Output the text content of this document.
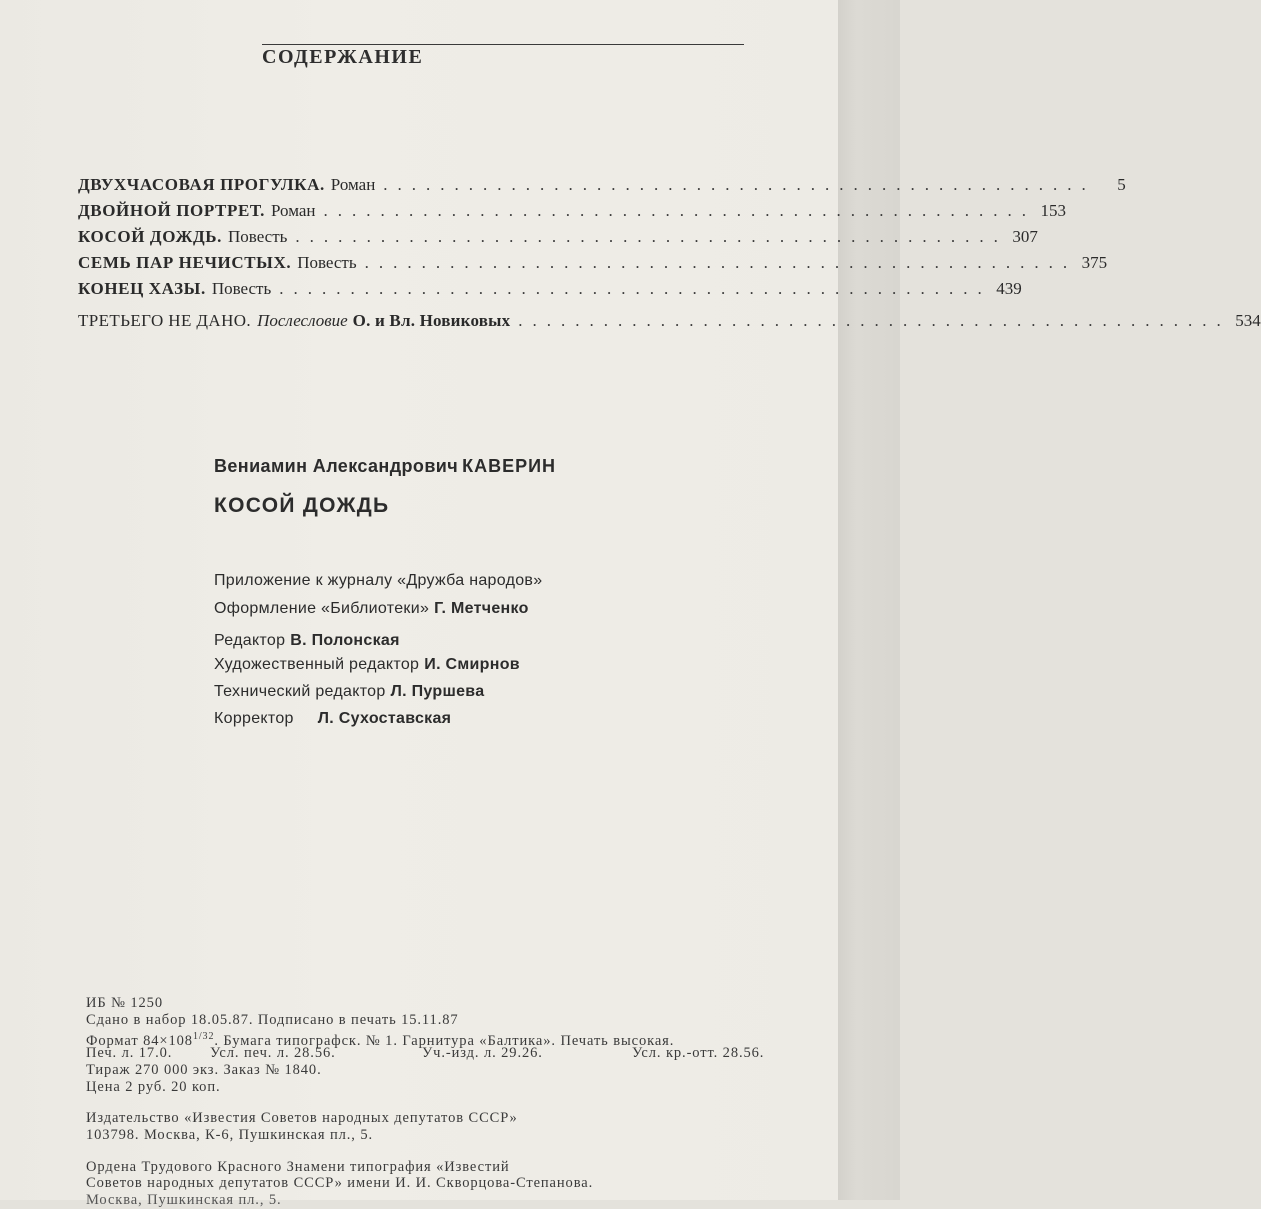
СОДЕРЖАНИЕ
ДВУХЧАСОВАЯ ПРОГУЛКА. Роман ..................................................	5
ДВОЙНОЙ ПОРТРЕТ. Роман .................................................. 153
КОСОЙ ДОЖДЬ. Повесть .................................................. 307
СЕМЬ ПАР НЕЧИСТЫХ. Повесть .................................................. 375
КОНЕЦ ХАЗЫ. Повесть .................................................. 439
ТРЕТЬЕГО НЕ ДАНО. Послесловие О. и Вл. Новиковых .................................................. 534
Вениамин Александрович КАВЕРИН
КОСОЙ ДОЖДЬ
Приложение к журналу «Дружба народов»
Оформление «Библиотеки» Г. Метченко
Редактор В. Полонская
Художественный редактор И. Смирнов
Технический редактор Л. Пуршева
Корректор Л. Сухоставская
ИБ № 1250
Сдано в набор 18.05.87. Подписано в печать 15.11.87
Формат $84\times 108^{1/32}$. Бумага типографск. № 1. Гарнитура «Балтика». Печать высокая.
Печ. л. 17.0.	Усл. печ. л. 28.56.	Уч.-изд. л. 29.26.	Усл. кр.-отт. 28.56.
Тираж 270 000 экз. Заказ № 1840.
Цена 2 руб. 20 коп.
Издательство «Известия Советов народных депутатов СССР»
103798. Москва, К-6, Пушкинская пл., 5.
Ордена Трудового Красного Знамени типография «Известий
Советов народных депутатов СССР» имени И. И. Скворцова-Степанова.
Москва, Пушкинская пл., 5.
